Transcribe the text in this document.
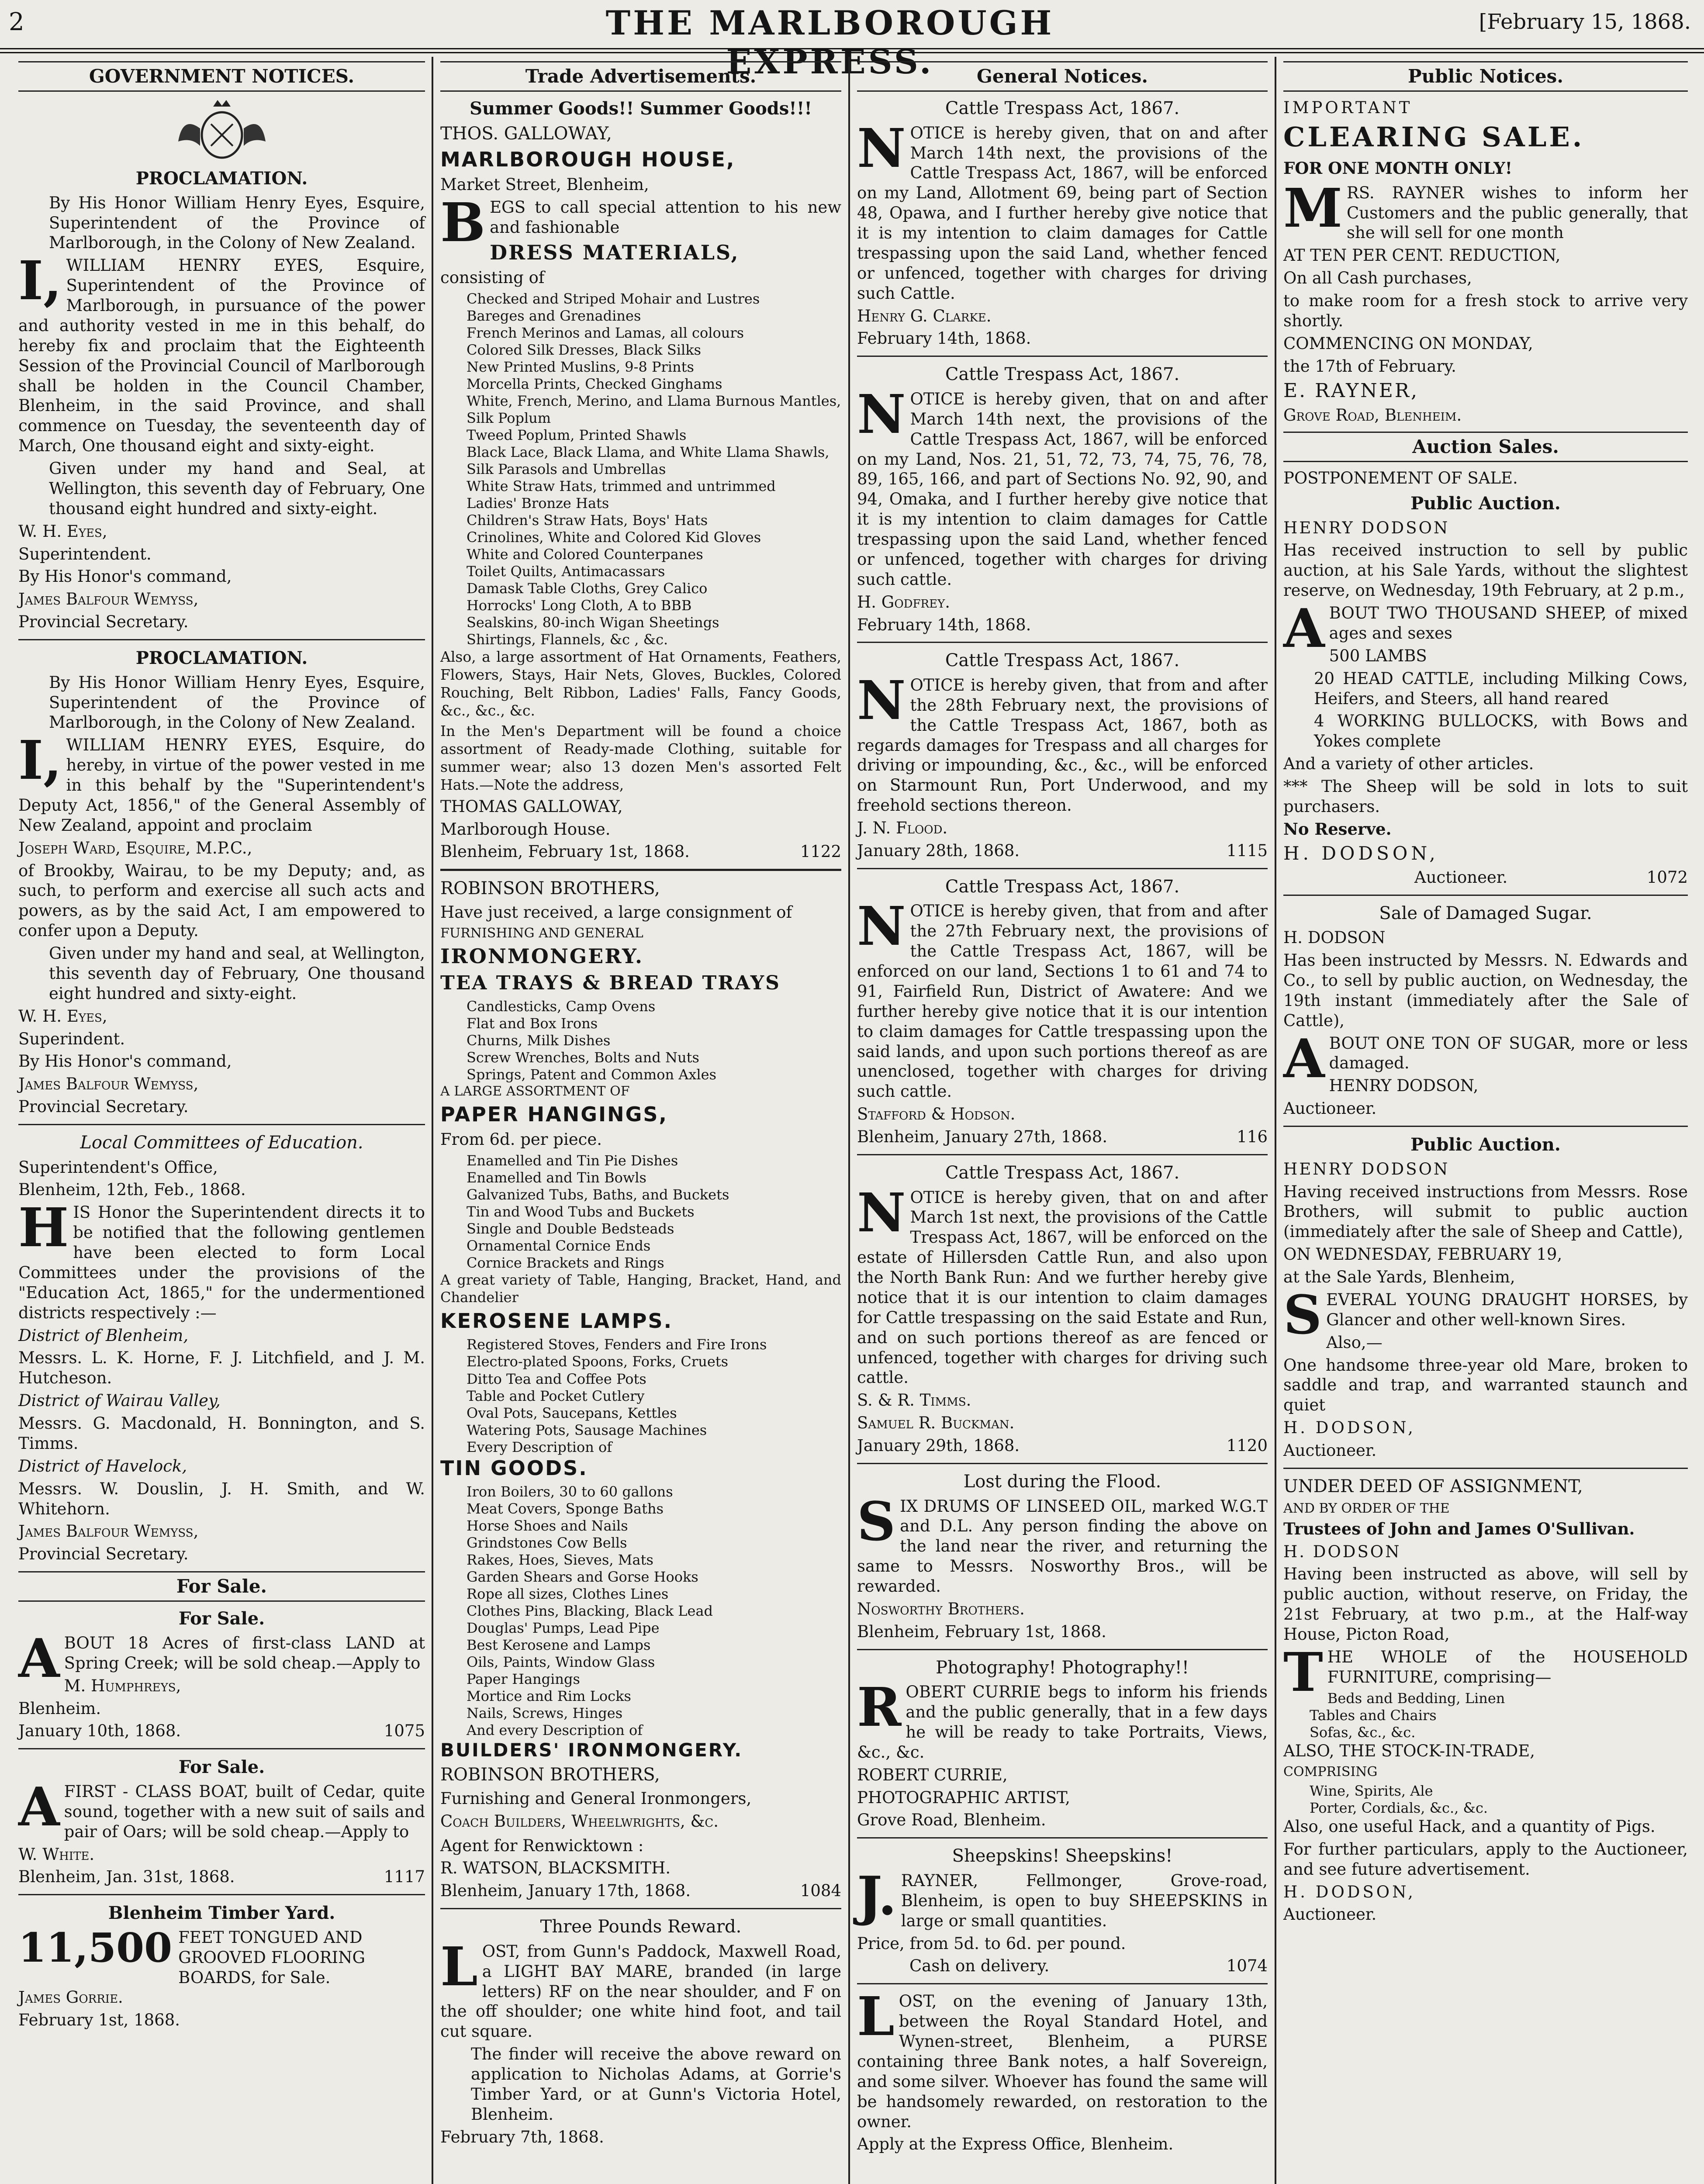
2	THE MARLBOROUGH EXPRESS.
[February 15, 1868.
GOVERNMENT NOTICES.
PROCLAMATION.

By His Honor William Henry Eyes, Esquire, Superintendent of the Province of Marlborough, in the Colony of New Zealand.

I,WILLIAM HENRY EYES, Esquire, Superintendent of the Province of Marlborough, in pursuance of the power and authority vested in me in this behalf, do hereby fix and proclaim that the Eighteenth Session of the Provincial Council of Marlborough shall be holden in the Council Chamber, Blenheim, in the said Province, and shall commence on Tuesday, the seventeenth day of March, One thousand eight and sixty-eight.

Given under my hand and Seal, at Wellington, this seventh day of February, One thousand eight hundred and sixty-eight.

W. H. Eyes,

Superintendent.

By His Honor's command,

James Balfour Wemyss,

Provincial Secretary.

PROCLAMATION.

By His Honor William Henry Eyes, Esquire, Superintendent of the Province of Marlborough, in the Colony of New Zealand.

I,WILLIAM HENRY EYES, Esquire, do hereby, in virtue of the power vested in me in this behalf by the "Superintendent's Deputy Act, 1856," of the General Assembly of New Zealand, appoint and proclaim

Joseph Ward, Esquire, M.P.C.,

of Brookby, Wairau, to be my Deputy; and, as such, to perform and exercise all such acts and powers, as by the said Act, I am empowered to confer upon a Deputy.

Given under my hand and seal, at Wellington, this seventh day of February, One thousand eight hundred and sixty-eight.

W. H. Eyes,

Superindent.

By His Honor's command,

James Balfour Wemyss,

Provincial Secretary.

Local Committees of Education.

Superintendent's Office,

Blenheim, 12th, Feb., 1868.

HIS Honor the Superintendent directs it to be notified that the following gentlemen have been elected to form Local Committees under the provisions of the "Education Act, 1865," for the undermentioned districts respectively :—

District of Blenheim,

Messrs. L. K. Horne, F. J. Litchfield, and J. M. Hutcheson.

District of Wairau Valley,

Messrs. G. Macdonald, H. Bonnington, and S. Timms.

District of Havelock,

Messrs. W. Douslin, J. H. Smith, and W. Whitehorn.

James Balfour Wemyss,

Provincial Secretary.

For Sale.
For Sale.

ABOUT 18 Acres of first-class LAND at Spring Creek; will be sold cheap.—Apply to

M. Humphreys,

Blenheim.

January 10th, 1868.	1075
For Sale.

AFIRST - CLASS BOAT, built of Cedar, quite sound, together with a new suit of sails and pair of Oars; will be sold cheap.—Apply to

W. White.

Blenheim, Jan. 31st, 1868.	1117
Blenheim Timber Yard.
11,500 FEET TONGUED AND GROOVED FLOORING BOARDS, for Sale.

James Gorrie.

February 1st, 1868.

Trade Advertisements.
Summer Goods!! Summer Goods!!!

THOS. GALLOWAY,

MARLBOROUGH HOUSE,

Market Street, Blenheim,

BEGS to call special attention to his new and fashionable

DRESS MATERIALS,

consisting of

Checked and Striped Mohair and Lustres
Bareges and Grenadines
French Merinos and Lamas, all colours
Colored Silk Dresses, Black Silks
New Printed Muslins, 9-8 Prints
Morcella Prints, Checked Ginghams
White, French, Merino, and Llama Burnous Mantles, Silk Poplum
Tweed Poplum, Printed Shawls
Black Lace, Black Llama, and White Llama Shawls, Silk Parasols and Umbrellas
White Straw Hats, trimmed and untrimmed
Ladies' Bronze Hats
Children's Straw Hats, Boys' Hats
Crinolines, White and Colored Kid Gloves
White and Colored Counterpanes
Toilet Quilts, Antimacassars
Damask Table Cloths, Grey Calico
Horrocks' Long Cloth, A to BBB
Sealskins, 80-inch Wigan Sheetings
Shirtings, Flannels, &c , &c.

Also, a large assortment of Hat Ornaments, Feathers, Flowers, Stays, Hair Nets, Gloves, Buckles, Colored Rouching, Belt Ribbon, Ladies' Falls, Fancy Goods, &c., &c., &c.

In the Men's Department will be found a choice assortment of Ready-made Clothing, suitable for summer wear; also 13 dozen Men's assorted Felt Hats.—Note the address,

THOMAS GALLOWAY,

Marlborough House.

Blenheim, February 1st, 1868.	1122

ROBINSON BROTHERS,

Have just received, a large consignment of

FURNISHING AND GENERAL

IRONMONGERY.

TEA TRAYS & BREAD TRAYS

Candlesticks, Camp Ovens
Flat and Box Irons
Churns, Milk Dishes
Screw Wrenches, Bolts and Nuts
Springs, Patent and Common Axles

A LARGE ASSORTMENT OF

PAPER HANGINGS,

From 6d. per piece.

Enamelled and Tin Pie Dishes
Enamelled and Tin Bowls
Galvanized Tubs, Baths, and Buckets
Tin and Wood Tubs and Buckets
Single and Double Bedsteads
Ornamental Cornice Ends
Cornice Brackets and Rings

A great variety of Table, Hanging, Bracket, Hand, and Chandelier

KEROSENE LAMPS.

Registered Stoves, Fenders and Fire Irons
Electro-plated Spoons, Forks, Cruets
Ditto Tea and Coffee Pots
Table and Pocket Cutlery
Oval Pots, Saucepans, Kettles
Watering Pots, Sausage Machines
Every Description of

TIN GOODS.

Iron Boilers, 30 to 60 gallons
Meat Covers, Sponge Baths
Horse Shoes and Nails
Grindstones Cow Bells
Rakes, Hoes, Sieves, Mats
Garden Shears and Gorse Hooks
Rope all sizes, Clothes Lines
Clothes Pins, Blacking, Black Lead
Douglas' Pumps, Lead Pipe
Best Kerosene and Lamps
Oils, Paints, Window Glass
Paper Hangings
Mortice and Rim Locks
Nails, Screws, Hinges
And every Description of

BUILDERS' IRONMONGERY.

ROBINSON BROTHERS,

Furnishing and General Ironmongers,

Coach Builders, Wheelwrights, &c.

Agent for Renwicktown :

R. WATSON, BLACKSMITH.

Blenheim, January 17th, 1868.	1084
Three Pounds Reward.

LOST, from Gunn's Paddock, Maxwell Road, a LIGHT BAY MARE, branded (in large letters) RF on the near shoulder, and F on the off shoulder; one white hind foot, and tail cut square.

The finder will receive the above reward on application to Nicholas Adams, at Gorrie's Timber Yard, or at Gunn's Victoria Hotel, Blenheim.

February 7th, 1868.

General Notices.
Cattle Trespass Act, 1867.

NOTICE is hereby given, that on and after March 14th next, the provisions of the Cattle Trespass Act, 1867, will be enforced on my Land, Allotment 69, being part of Section 48, Opawa, and I further hereby give notice that it is my intention to claim damages for Cattle trespassing upon the said Land, whether fenced or unfenced, together with charges for driving such Cattle.

Henry G. Clarke.

February 14th, 1868.

Cattle Trespass Act, 1867.

NOTICE is hereby given, that on and after March 14th next, the provisions of the Cattle Trespass Act, 1867, will be enforced on my Land, Nos. 21, 51, 72, 73, 74, 75, 76, 78, 89, 165, 166, and part of Sections No. 92, 90, and 94, Omaka, and I further hereby give notice that it is my intention to claim damages for Cattle trespassing upon the said Land, whether fenced or unfenced, together with charges for driving such cattle.

H. Godfrey.

February 14th, 1868.

Cattle Trespass Act, 1867.

NOTICE is hereby given, that from and after the 28th February next, the provisions of the Cattle Trespass Act, 1867, both as regards damages for Trespass and all charges for driving or impounding, &c., &c., will be enforced on Starmount Run, Port Underwood, and my freehold sections thereon.

J. N. Flood.

January 28th, 1868.	1115
Cattle Trespass Act, 1867.

NOTICE is hereby given, that from and after the 27th February next, the provisions of the Cattle Trespass Act, 1867, will be enforced on our land, Sections 1 to 61 and 74 to 91, Fairfield Run, District of Awatere: And we further hereby give notice that it is our intention to claim damages for Cattle trespassing upon the said lands, and upon such portions thereof as are unenclosed, together with charges for driving such cattle.

Stafford & Hodson.

Blenheim, January 27th, 1868.	116
Cattle Trespass Act, 1867.

NOTICE is hereby given, that on and after March 1st next, the provisions of the Cattle Trespass Act, 1867, will be enforced on the estate of Hillersden Cattle Run, and also upon the North Bank Run: And we further hereby give notice that it is our intention to claim damages for Cattle trespassing on the said Estate and Run, and on such portions thereof as are fenced or unfenced, together with charges for driving such cattle.

S. & R. Timms.

Samuel R. Buckman.

January 29th, 1868.	1120
Lost during the Flood.

SIX DRUMS OF LINSEED OIL, marked W.G.T and D.L. Any person finding the above on the land near the river, and returning the same to Messrs. Nosworthy Bros., will be rewarded.

Nosworthy Brothers.

Blenheim, February 1st, 1868.

Photography! Photography!!

ROBERT CURRIE begs to inform his friends and the public generally, that in a few days he will be ready to take Portraits, Views, &c., &c.

ROBERT CURRIE,

PHOTOGRAPHIC ARTIST,

Grove Road, Blenheim.

Sheepskins! Sheepskins!

J.RAYNER, Fellmonger, Grove-road, Blenheim, is open to buy SHEEPSKINS in large or small quantities.

Price, from 5d. to 6d. per pound.

Cash on delivery.	1074

LOST, on the evening of January 13th, between the Royal Standard Hotel, and Wynen-street, Blenheim, a PURSE containing three Bank notes, a half Sovereign, and some silver. Whoever has found the same will be handsomely rewarded, on restoration to the owner.

Apply at the Express Office, Blenheim.

Public Notices.

IMPORTANT

CLEARING SALE.

FOR ONE MONTH ONLY!

MRS. RAYNER wishes to inform her Customers and the public generally, that she will sell for one month

AT TEN PER CENT. REDUCTION,

On all Cash purchases,

to make room for a fresh stock to arrive very shortly.

COMMENCING ON MONDAY,

the 17th of February.

E. RAYNER,

Grove Road, Blenheim.

Auction Sales.

POSTPONEMENT OF SALE.

Public Auction.

HENRY DODSON

Has received instruction to sell by public auction, at his Sale Yards, without the slightest reserve, on Wednesday, 19th February, at 2 p.m.,

ABOUT TWO THOUSAND SHEEP, of mixed ages and sexes

500 LAMBS

20 HEAD CATTLE, including Milking Cows, Heifers, and Steers, all hand reared

4 WORKING BULLOCKS, with Bows and Yokes complete

And a variety of other articles.

*** The Sheep will be sold in lots to suit purchasers.

No Reserve.

H. DODSON,

Auctioneer.	1072
Sale of Damaged Sugar.

H. DODSON

Has been instructed by Messrs. N. Edwards and Co., to sell by public auction, on Wednesday, the 19th instant (immediately after the Sale of Cattle),

ABOUT ONE TON OF SUGAR, more or less damaged.

HENRY DODSON,

Auctioneer.

Public Auction.

HENRY DODSON

Having received instructions from Messrs. Rose Brothers, will submit to public auction (immediately after the sale of Sheep and Cattle),

ON WEDNESDAY, FEBRUARY 19,

at the Sale Yards, Blenheim,

SEVERAL YOUNG DRAUGHT HORSES, by Glancer and other well-known Sires.

Also,—

One handsome three-year old Mare, broken to saddle and trap, and warranted staunch and quiet

H. DODSON,

Auctioneer.

UNDER DEED OF ASSIGNMENT,

AND BY ORDER OF THE

Trustees of John and James O'Sullivan.

H. DODSON

Having been instructed as above, will sell by public auction, without reserve, on Friday, the 21st February, at two p.m., at the Half-way House, Picton Road,

THE WHOLE of the HOUSEHOLD FURNITURE, comprising—

Beds and Bedding, Linen
Tables and Chairs
Sofas, &c., &c.

ALSO, THE STOCK-IN-TRADE,

COMPRISING

Wine, Spirits, Ale
Porter, Cordials, &c., &c.

Also, one useful Hack, and a quantity of Pigs.

For further particulars, apply to the Auctioneer, and see future advertisement.

H. DODSON,

Auctioneer.
